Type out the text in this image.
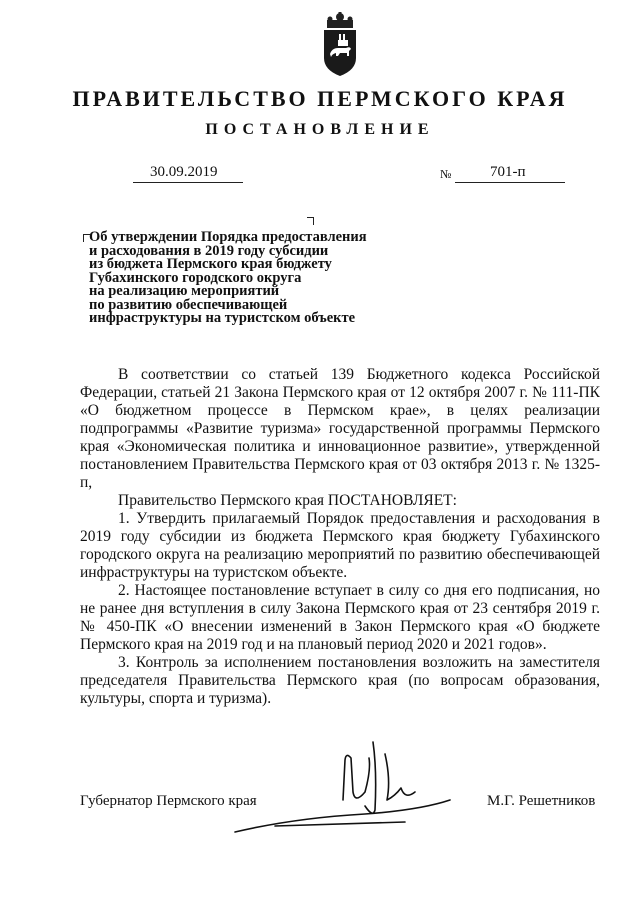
ПРАВИТЕЛЬСТВО ПЕРМСКОГО КРАЯ
ПОСТАНОВЛЕНИЕ
30.09.2019	№	701-п
Об утверждении Порядка предоставления
и расходования в 2019 году субсидии
из бюджета Пермского края бюджету
Губахинского городского округа
на реализацию мероприятий
по развитию обеспечивающей
инфраструктуры на туристском объекте

В соответствии со статьей 139 Бюджетного кодекса Российской Федерации, статьей 21 Закона Пермского края от 12 октября 2007 г. № 111-ПК «О бюджетном процессе в Пермском крае», в целях реализации подпрограммы «Развитие туризма» государственной программы Пермского края «Экономическая политика и инновационное развитие», утвержденной постановлением Правительства Пермского края от 03 октября 2013 г. № 1325-п,

Правительство Пермского края ПОСТАНОВЛЯЕТ:

1. Утвердить прилагаемый Порядок предоставления и расходования в 2019 году субсидии из бюджета Пермского края бюджету Губахинского городского округа на реализацию мероприятий по развитию обеспечивающей инфраструктуры на туристском объекте.

2. Настоящее постановление вступает в силу со дня его подписания, но не ранее дня вступления в силу Закона Пермского края от 23 сентября 2019 г. № 450-ПК «О внесении изменений в Закон Пермского края «О бюджете Пермского края на 2019 год и на плановый период 2020 и 2021 годов».

3. Контроль за исполнением постановления возложить на заместителя председателя Правительства Пермского края (по вопросам образования, культуры, спорта и туризма).

Губернатор Пермского края	М.Г. Решетников
